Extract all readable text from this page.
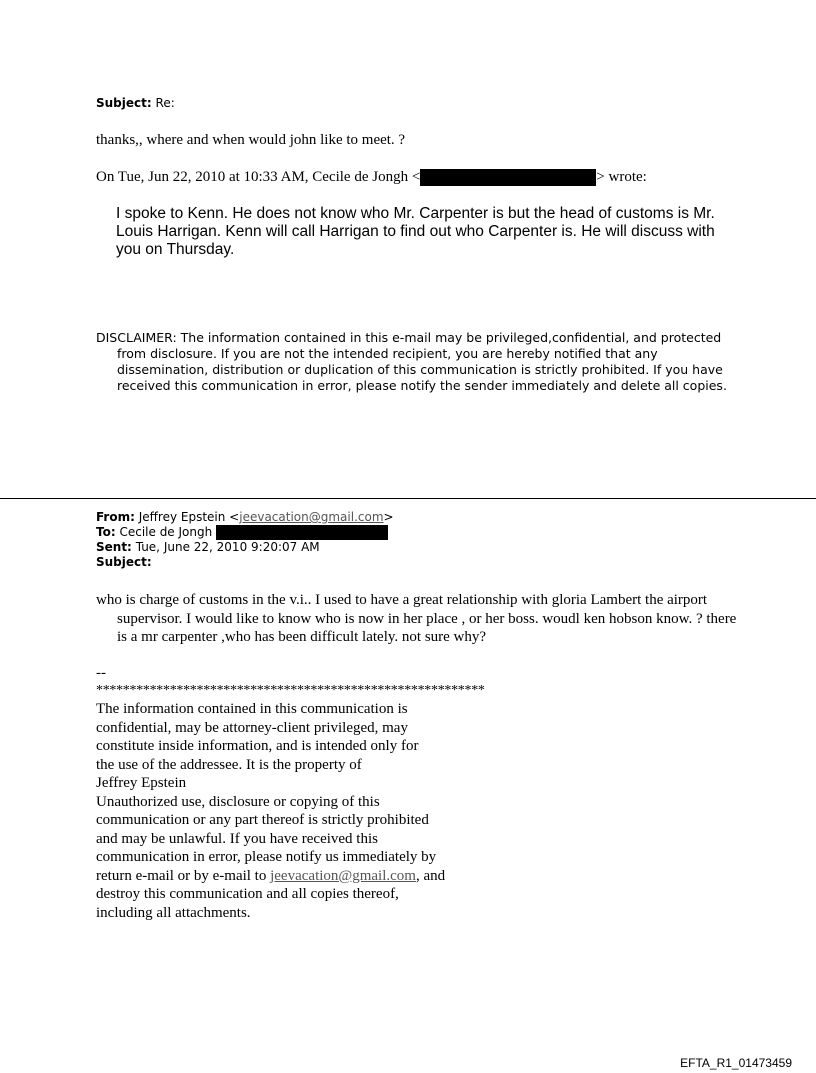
Subject: Re:
thanks,, where and when would john like to meet. ?
On Tue, Jun 22, 2010 at 10:33 AM, Cecile de Jongh <	> wrote:
I spoke to Kenn. He does not know who Mr. Carpenter is but the head of customs is Mr. Louis Harrigan. Kenn will call Harrigan to find out who Carpenter is. He will discuss with you on Thursday.
DISCLAIMER: The information contained in this e-mail may be privileged,confidential, and protected from disclosure. If you are not the intended recipient, you are hereby notified that any dissemination, distribution or duplication of this communication is strictly prohibited. If you have received this communication in error, please notify the sender immediately and delete all copies.
From: Jeffrey Epstein <jeevacation@gmail.com>
To: Cecile de Jongh
Sent: Tue, June 22, 2010 9:20:07 AM
Subject:
who is charge of customs in the v.i.. I used to have a great relationship with gloria Lambert the airport supervisor. I would like to know who is now in her place , or her boss. woudl ken hobson know. ? there is a mr carpenter ,who has been difficult lately. not sure why?
--
**********************************************************
The information contained in this communication is
confidential, may be attorney-client privileged, may
constitute inside information, and is intended only for
the use of the addressee. It is the property of
Jeffrey Epstein
Unauthorized use, disclosure or copying of this
communication or any part thereof is strictly prohibited
and may be unlawful. If you have received this
communication in error, please notify us immediately by
return e-mail or by e-mail to jeevacation@gmail.com, and
destroy this communication and all copies thereof,
including all attachments.
EFTA_R1_01473459
